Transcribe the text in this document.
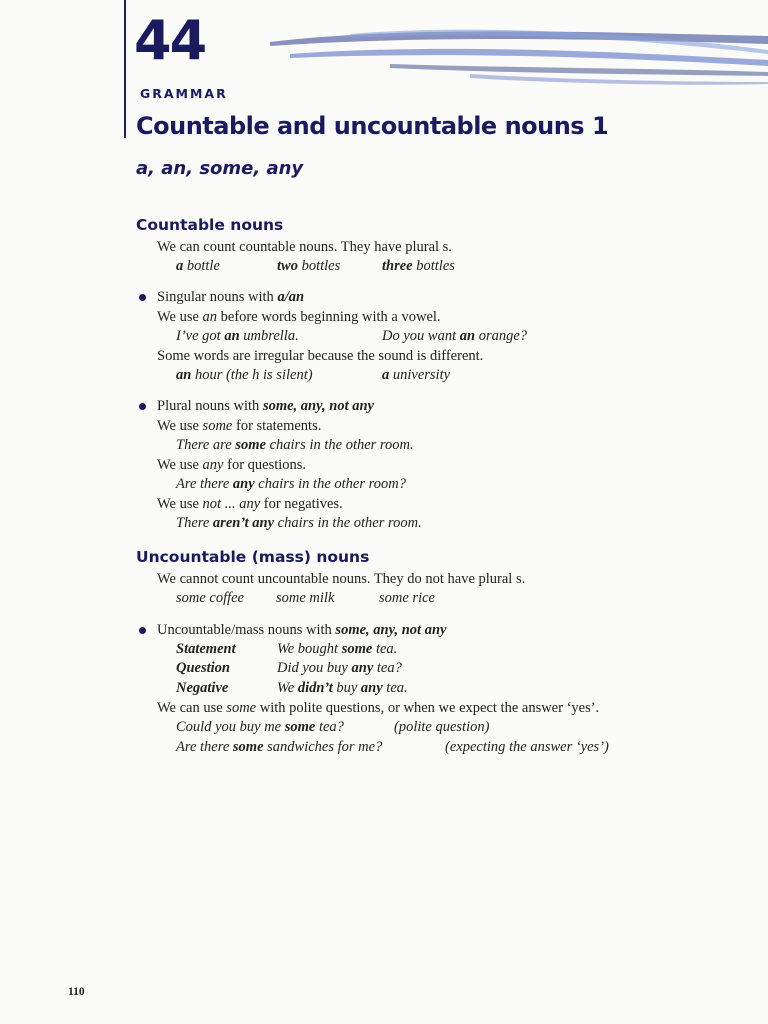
44
GRAMMAR
Countable and uncountable nouns 1
a, an, some, any
Countable nouns
We can count countable nouns. They have plural s.
a bottle	two bottles	three bottles
Singular nouns with a/an
We use an before words beginning with a vowel.
I’ve got an umbrella.	Do you want an orange?
Some words are irregular because the sound is different.
an hour (the h is silent)	a university
Plural nouns with some, any, not any
We use some for statements.
There are some chairs in the other room.
We use any for questions.
Are there any chairs in the other room?
We use not ... any for negatives.
There aren’t any chairs in the other room.
Uncountable (mass) nouns
We cannot count uncountable nouns. They do not have plural s.
some coffee some milk	some rice
Uncountable/mass nouns with some, any, not any
Statement	We bought some tea.
Question	Did you buy any tea?
Negative	We didn’t buy any tea.
We can use some with polite questions, or when we expect the answer ‘yes’.
Could you buy me some tea?	(polite question)
Are there some sandwiches for me?	(expecting the answer ‘yes’)
110
